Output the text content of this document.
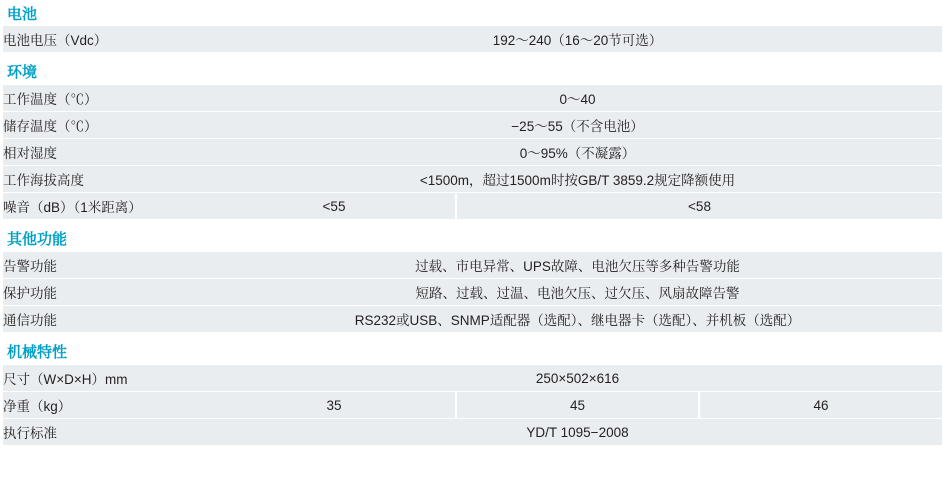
电池			
电池电压（Vdc）	192～240（16～20节可选）		

环境			
工作温度（℃）	0～40		
储存温度（℃）	−25～55（不含电池）		
相对湿度	0～95%（不凝露）		
工作海拔高度	<1500m，超过1500m时按GB/T 3859.2规定降额使用		
噪音（dB）（1米距离）	<55	<58	

其他功能			
告警功能	过载、市电异常、UPS故障、电池欠压等多种告警功能		
保护功能	短路、过载、过温、电池欠压、过欠压、风扇故障告警		
通信功能	RS232或USB、SNMP适配器（选配）、继电器卡（选配）、并机板（选配）		

机械特性			
尺寸（W×D×H）mm	250×502×616		
净重（kg）	35	45	46
执行标准	YD/T 1095−2008		
